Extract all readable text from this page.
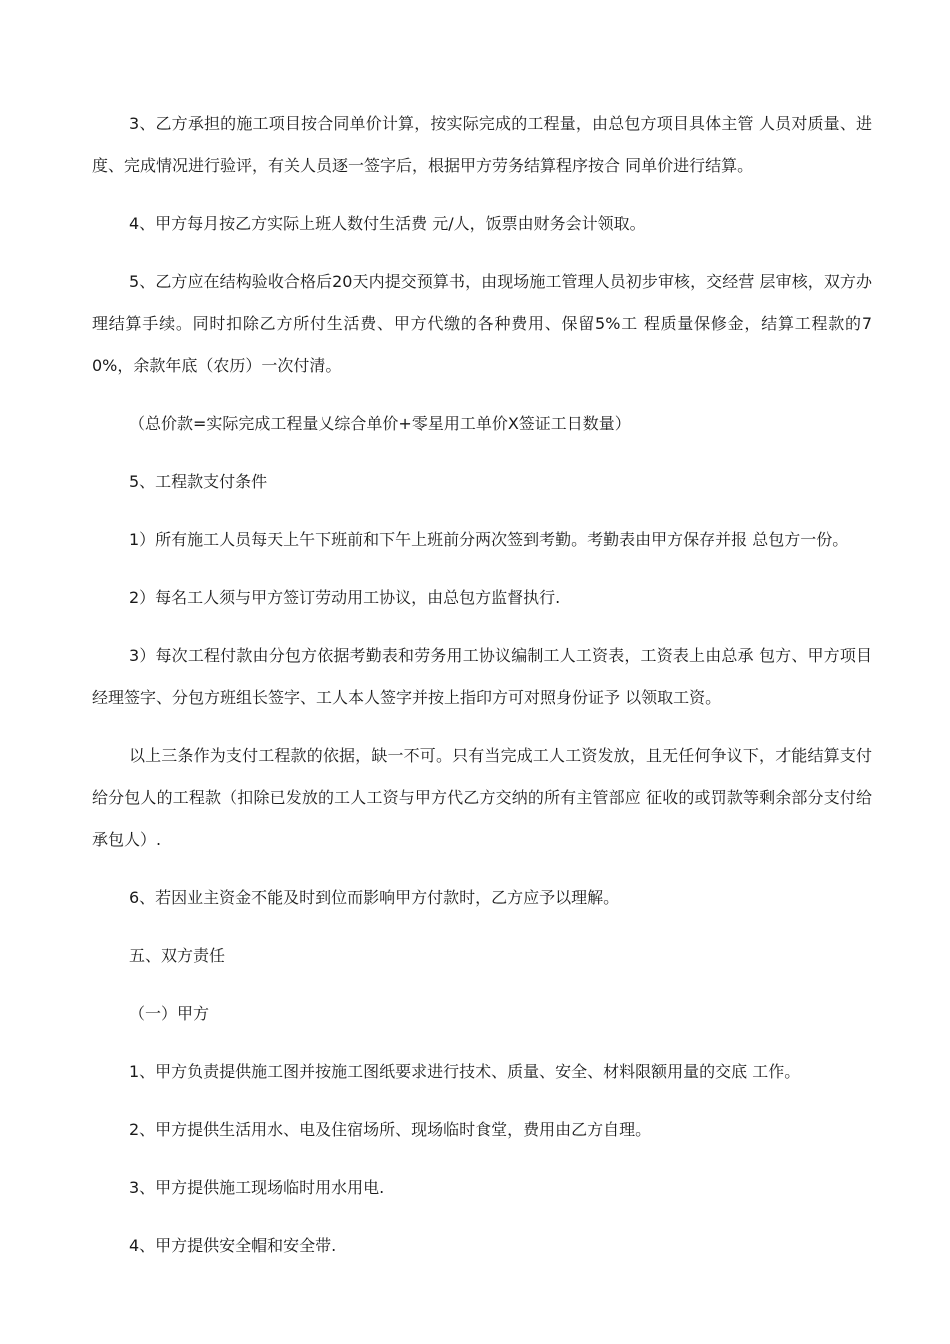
3、乙方承担的施工项目按合同单价计算，按实际完成的工程量，由总包方项目具体主管 人员对质量、进度、完成情况进行验评，有关人员逐一签字后，根据甲方劳务结算程序按合 同单价进行结算。

4、甲方每月按乙方实际上班人数付生活费 元/人，饭票由财务会计领取。

5、乙方应在结构验收合格后20天内提交预算书，由现场施工管理人员初步审核，交经营 层审核，双方办理结算手续。同时扣除乙方所付生活费、甲方代缴的各种费用、保留5%工 程质量保修金，结算工程款的70%，余款年底（农历）一次付清。

（总价款=实际完成工程量乂综合单价+零星用工单价X签证工日数量）

5、工程款支付条件

1）所有施工人员每天上午下班前和下午上班前分两次签到考勤。考勤表由甲方保存并报 总包方一份。

2）每名工人须与甲方签订劳动用工协议，由总包方监督执行.

3）每次工程付款由分包方依据考勤表和劳务用工协议编制工人工资表，工资表上由总承 包方、甲方项目经理签字、分包方班组长签字、工人本人签字并按上指印方可对照身份证予 以领取工资。

以上三条作为支付工程款的依据，缺一不可。只有当完成工人工资发放，且无任何争议下，才能结算支付给分包人的工程款（扣除已发放的工人工资与甲方代乙方交纳的所有主管部应 征收的或罚款等剩余部分支付给承包人）.

6、若因业主资金不能及时到位而影响甲方付款时，乙方应予以理解。

五、双方责任

（一）甲方

1、甲方负责提供施工图并按施工图纸要求进行技术、质量、安全、材料限额用量的交底 工作。

2、甲方提供生活用水、电及住宿场所、现场临时食堂，费用由乙方自理。

3、甲方提供施工现场临时用水用电.

4、甲方提供安全帽和安全带.
